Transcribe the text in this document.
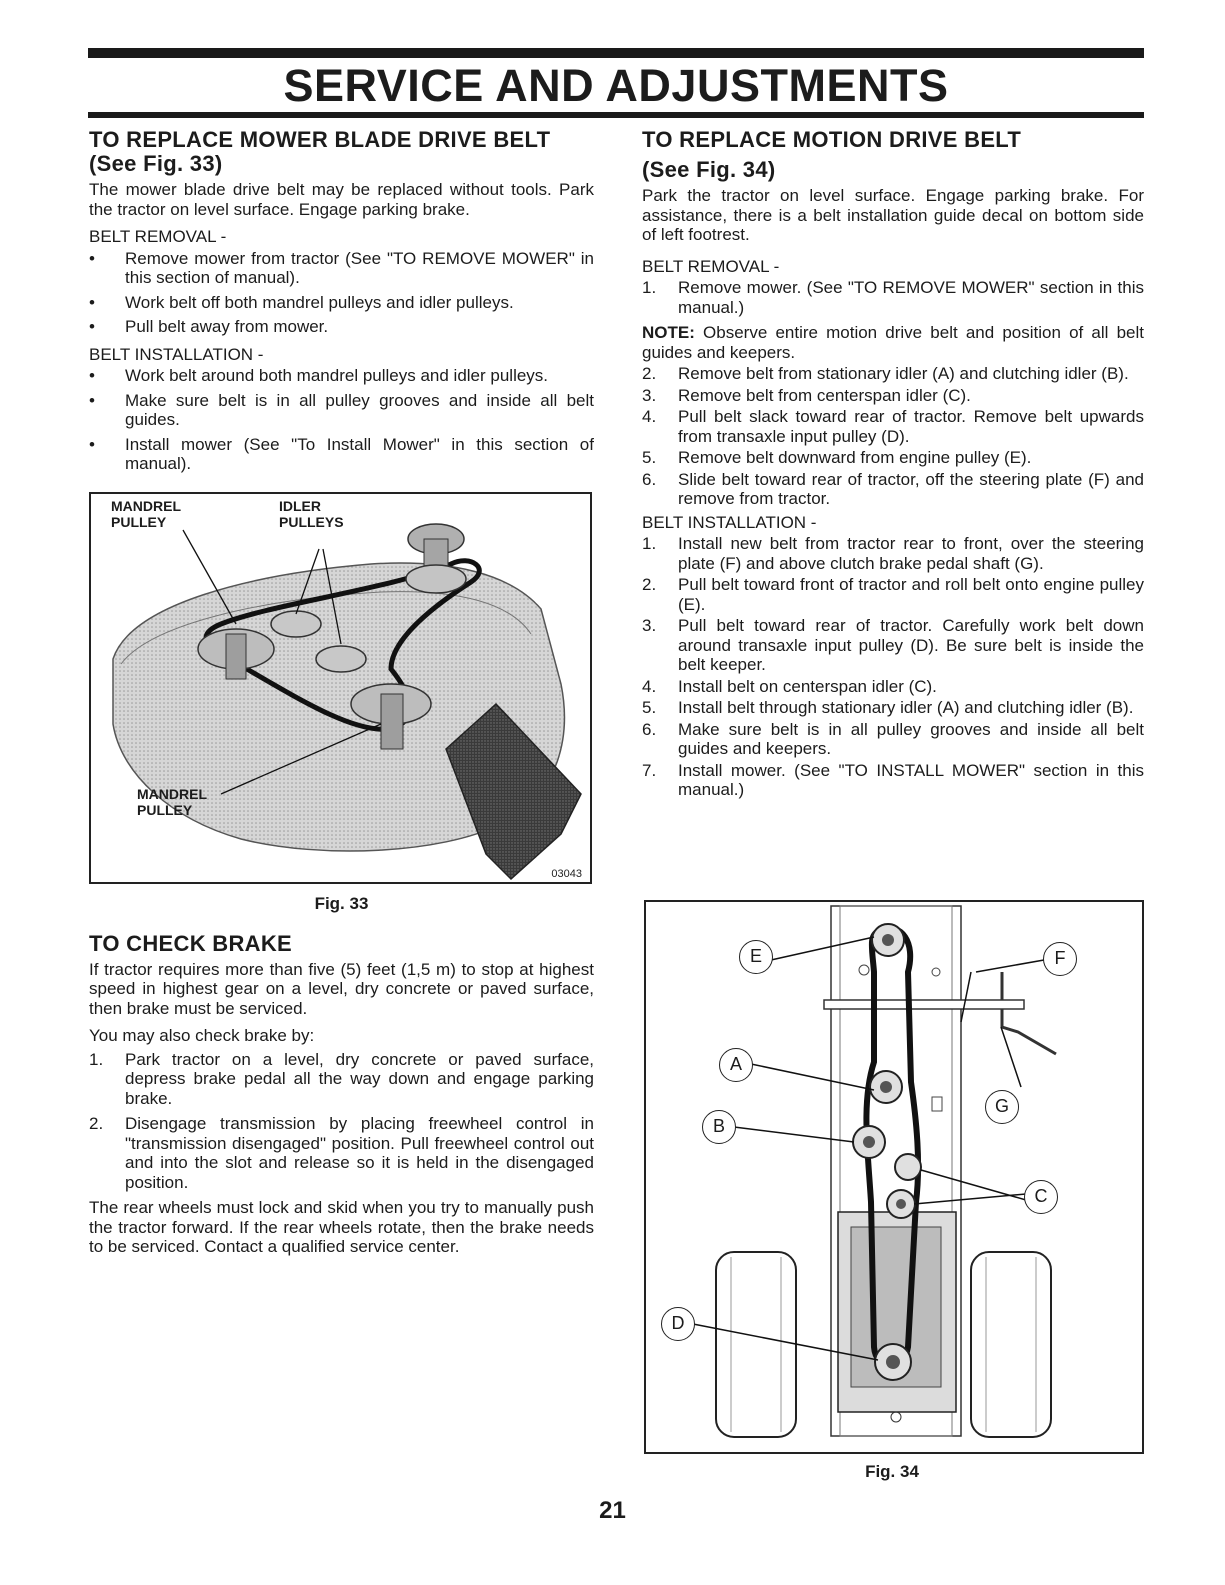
SERVICE AND ADJUSTMENTS
TO REPLACE MOWER BLADE DRIVE BELT
(See Fig. 33)

The mower blade drive belt may be replaced without tools. Park the tractor on level surface. Engage parking brake.

BELT REMOVAL -
•	Remove mower from tractor (See "TO REMOVE MOWER" in this section of manual).
•	Work belt off both mandrel pulleys and idler pulleys.
•	Pull belt away from mower.
BELT INSTALLATION -
•	Work belt around both mandrel pulleys and idler pulleys.
•	Make sure belt is in all pulley grooves and inside all belt guides.
•	Install mower (See "To Install Mower" in this section of manual).
MANDREL
PULLEY
IDLER
PULLEYS
MANDREL
PULLEY
03043
Fig. 33
TO CHECK BRAKE

If tractor requires more than five (5) feet (1,5 m) to stop at highest speed in highest gear on a level, dry concrete or paved surface, then brake must be serviced.

You may also check brake by:

1.	Park tractor on a level, dry concrete or paved surface, depress brake pedal all the way down and engage parking brake.
2.	Disengage transmission by placing freewheel control in "transmission disengaged" position. Pull freewheel control out and into the slot and release so it is held in the disengaged position.

The rear wheels must lock and skid when you try to manually push the tractor forward. If the rear wheels rotate, then the brake needs to be serviced. Contact a qualified service center.

TO REPLACE MOTION DRIVE BELT
(See Fig. 34)

Park the tractor on level surface. Engage parking brake. For assistance, there is a belt installation guide decal on bottom side of left footrest.

BELT REMOVAL -
1.	Remove mower. (See "TO REMOVE MOWER" section in this manual.)

NOTE: Observe entire motion drive belt and position of all belt guides and keepers.

2.	Remove belt from stationary idler (A) and clutching idler (B).
3.	Remove belt from centerspan idler (C).
4.	Pull belt slack toward rear of tractor. Remove belt upwards from transaxle input pulley (D).
5.	Remove belt downward from engine pulley (E).
6.	Slide belt toward rear of tractor, off the steering plate (F) and remove from tractor.
BELT INSTALLATION -
1.	Install new belt from tractor rear to front, over the steering plate (F) and above clutch brake pedal shaft (G).
2.	Pull belt toward front of tractor and roll belt onto engine pulley (E).
3.	Pull belt toward rear of tractor. Carefully work belt down around transaxle input pulley (D). Be sure belt is inside the belt keeper.
4.	Install belt on centerspan idler (C).
5.	Install belt through stationary idler (A) and clutching idler (B).
6.	Make sure belt is in all pulley grooves and inside all belt guides and keepers.
7.	Install mower. (See "TO INSTALL MOWER" section in this manual.)
E	F
A
G
B
C
D
Fig. 34
21
